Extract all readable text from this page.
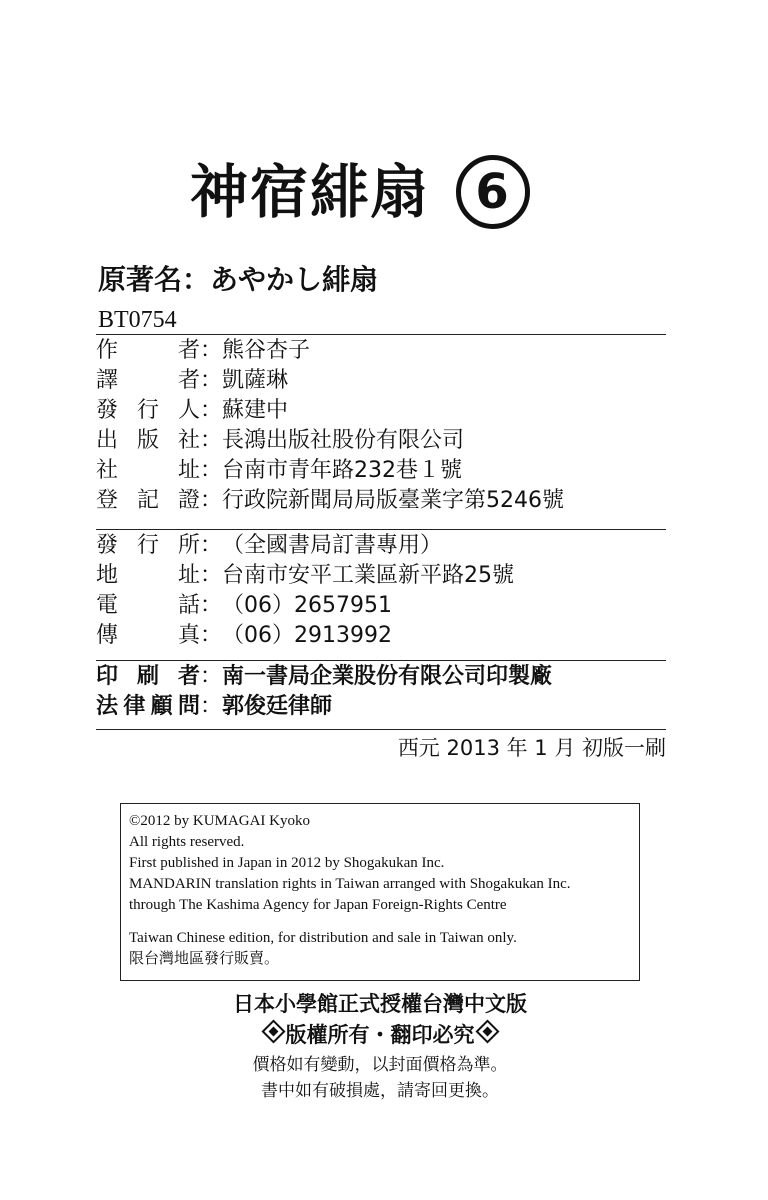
神宿緋扇 6
原著名：あやかし緋扇
BT0754
作	者 ： 熊谷杏子
譯	者 ： 凱薩琳
發 行 人 ： 蘇建中
出 版 社 ： 長鴻出版社股份有限公司
社	址 ： 台南市青年路232巷１號
登 記 證 ： 行政院新聞局局版臺業字第5246號
發 行 所 ： （全國書局訂書專用）
地	址 ： 台南市安平工業區新平路25號
電	話 ： （06）2657951
傳	真 ： （06）2913992
印 刷 者 ： 南一書局企業股份有限公司印製廠
法 律 顧 問 ： 郭俊廷律師
西元 2013 年 1 月 初版一刷
©2012 by KUMAGAI Kyoko
All rights reserved.
First published in Japan in 2012 by Shogakukan Inc.
MANDARIN translation rights in Taiwan arranged with Shogakukan Inc.
through The Kashima Agency for Japan Foreign-Rights Centre
Taiwan Chinese edition, for distribution and sale in Taiwan only.
限台灣地區發行販賣。
日本小學館正式授權台灣中文版
版權所有・翻印必究
價格如有變動，以封面價格為準。
書中如有破損處，請寄回更換。
